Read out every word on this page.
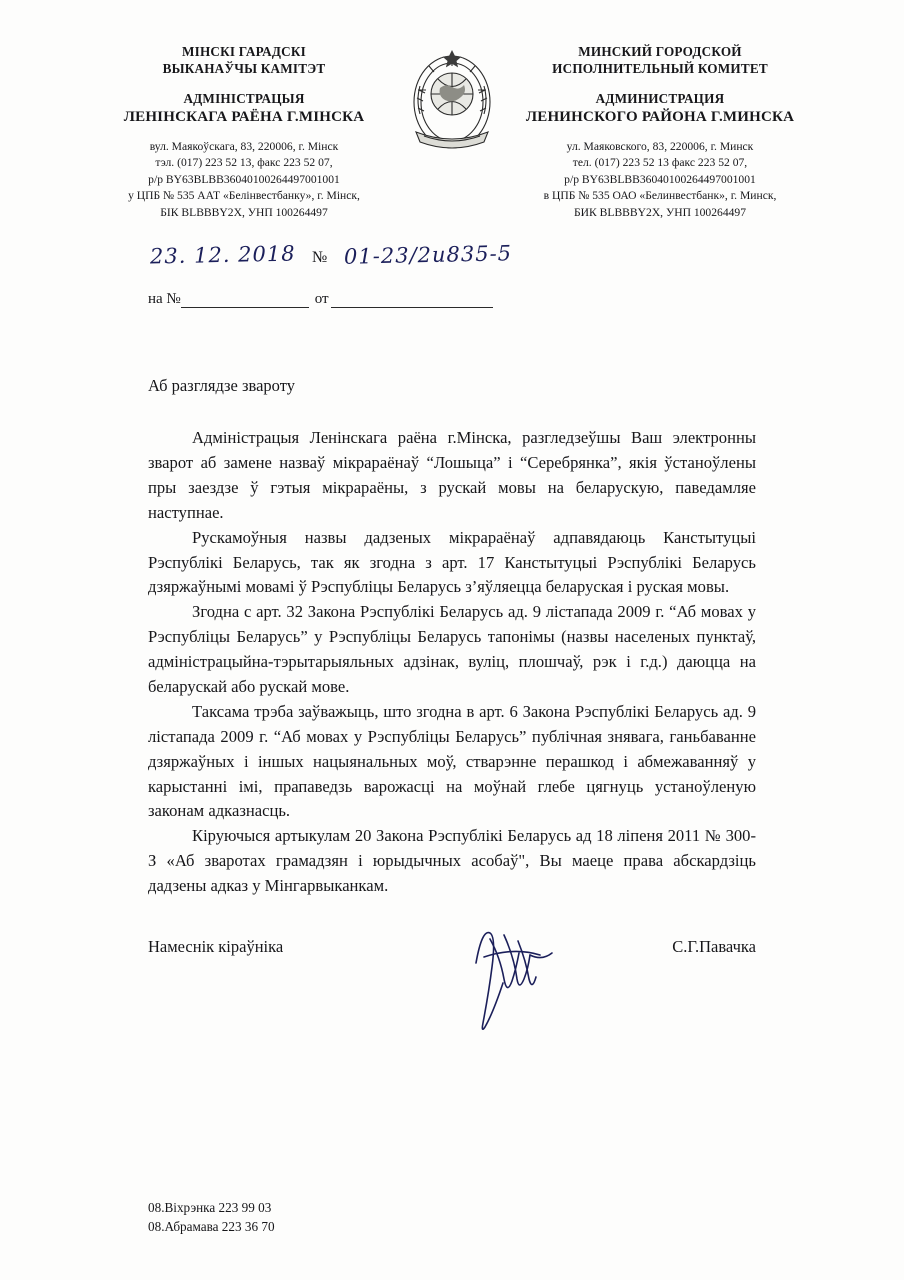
МІНСКІ ГАРАДСКІ
ВЫКАНАЎЧЫ КАМІТЭТ
АДМІНІСТРАЦЫЯ
ЛЕНІНСКАГА РАЁНА Г.МІНСКА
вул. Маякоўскага, 83, 220006, г. Мінск
тэл. (017) 223 52 13, факс 223 52 07,
р/р BY63BLBB36040100264497001001
у ЦПБ № 535 ААТ «Белінвестбанку», г. Мінск,
БІК BLBBBY2X, УНП 100264497
МИНСКИЙ ГОРОДСКОЙ
ИСПОЛНИТЕЛЬНЫЙ КОМИТЕТ
АДМИНИСТРАЦИЯ
ЛЕНИНСКОГО РАЙОНА Г.МИНСКА
ул. Маяковского, 83, 220006, г. Минск
тел. (017) 223 52 13 факс 223 52 07,
р/р BY63BLBB36040100264497001001
в ЦПБ № 535 ОАО «Белинвестбанк», г. Минск,
БИК BLBBBY2X, УНП 100264497
23. 12. 2018 № 01-23/2u835-5
на №	от
Аб разглядзе звароту

Адміністрацыя Ленінскага раёна г.Мінска, разгледзеўшы Ваш электронны зварот аб замене назваў мікрараёнаў “Лошыца” і “Серебрянка”, якія ўстаноўлены пры заездзе ў гэтыя мікрараёны, з рускай мовы на беларускую, паведамляе наступнае.

Рускамоўныя назвы дадзеных мікрараёнаў адпавядаюць Канстытуцыі Рэспублікі Беларусь, так як згодна з арт. 17 Канстытуцыі Рэспублікі Беларусь дзяржаўнымі мовамі ў Рэспублiцы Беларусь з’яўляецца беларуская і руская мовы.

Згодна с арт. 32 Закона Рэспублікі Беларусь ад. 9 лістапада 2009 г. “Аб мовах у Рэспублiцы Беларусь” у Рэспублiцы Беларусь тапонімы (назвы населеных пунктаў, адміністрацыйна-тэрытарыяльных адзінак, вуліц, плошчаў, рэк і г.д.) даюцца на беларускай або рускай мове.

Таксама трэба заўважыць, што згодна в арт. 6 Закона Рэспублікі Беларусь ад. 9 лістапада 2009 г. “Аб мовах у Рэспублiцы Беларусь” публічная знявага, ганьбаванне дзяржаўных і іншых нацыянальных моў, стварэнне перашкод і абмежаванняў у карыстанні імі, прапаведзь варожасці на моўнай глебе цягнуць устаноўленую законам адказнасць.

Кіруючыся артыкулам 20 Закона Рэспублікі Беларусь ад 18 ліпеня 2011 № 300-З «Аб зваротах грамадзян і юрыдычных асобаў", Вы маеце права абскардзіць дадзены адказ у Мінгарвыканкам.

Намеснік кіраўніка	С.Г.Павачка
08.Віхрэнка 223 99 03
08.Абрамава 223 36 70
